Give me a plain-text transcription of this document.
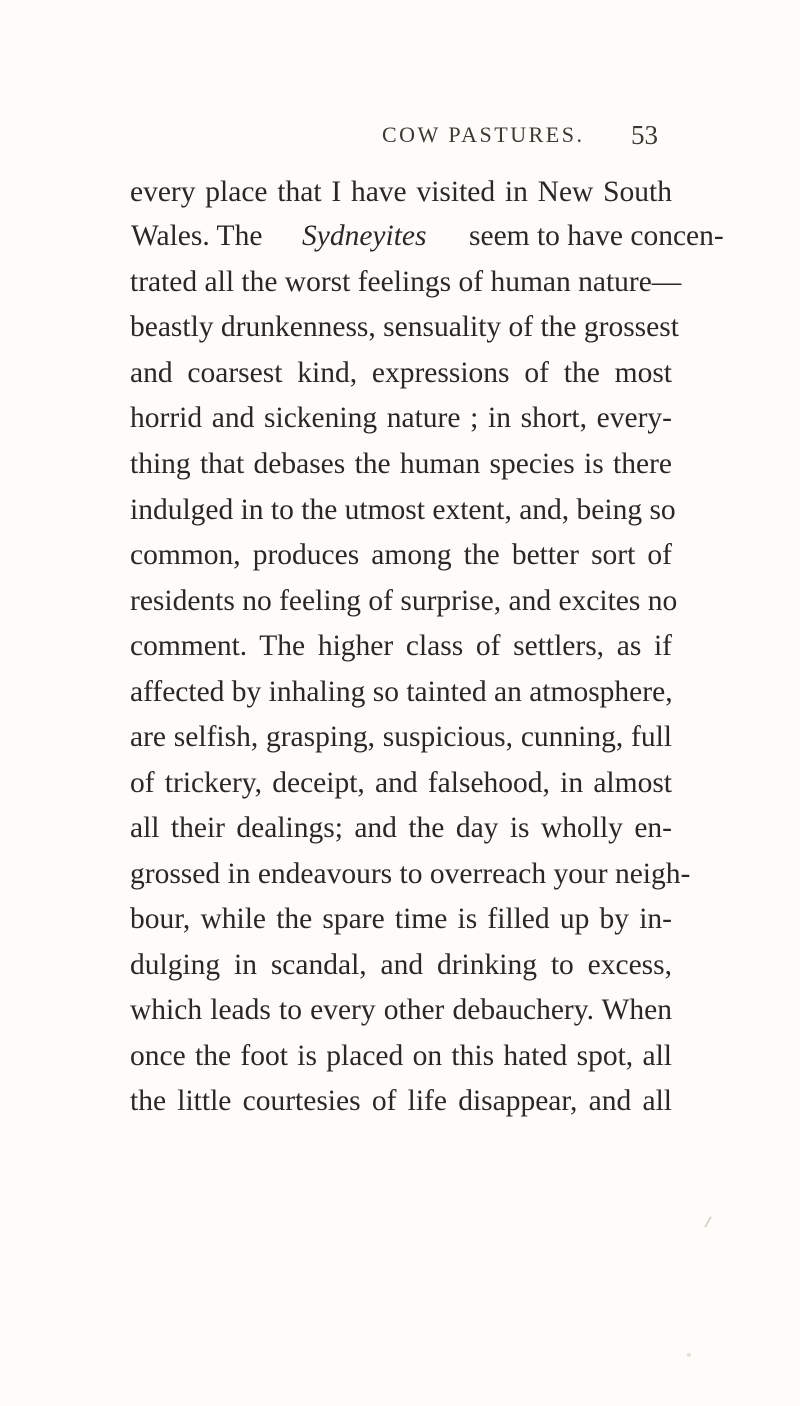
COW PASTURES. 53
every place that I have visited in New South
Wales. The Sydneyites seem to have concen-
trated all the worst feelings of human nature—
beastly drunkenness, sensuality of the grossest
and coarsest kind, expressions of the most
horrid and sickening nature ; in short, every-
thing that debases the human species is there
indulged in to the utmost extent, and, being so
common, produces among the better sort of
residents no feeling of surprise, and excites no
comment. The higher class of settlers, as if
affected by inhaling so tainted an atmosphere,
are selfish, grasping, suspicious, cunning, full
of trickery, deceipt, and falsehood, in almost
all their dealings; and the day is wholly en-
grossed in endeavours to overreach your neigh-
bour, while the spare time is filled up by in-
dulging in scandal, and drinking to excess,
which leads to every other debauchery. When
once the foot is placed on this hated spot, all
the little courtesies of life disappear, and all
